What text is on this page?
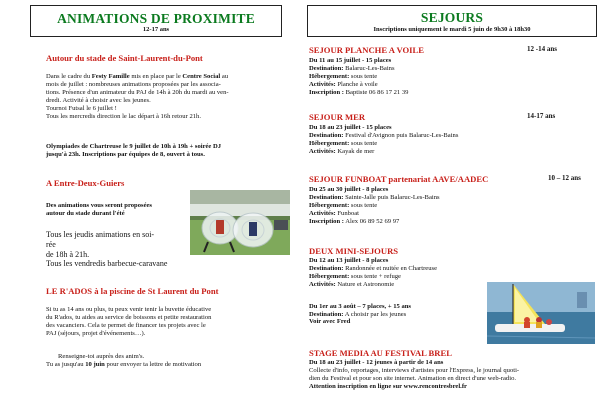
ANIMATIONS DE PROXIMITE
12-17 ans
Autour du stade de Saint-Laurent-du-Pont
Dans le cadre du Festy Famille mis en place par le Centre Social au
mois de juillet : nombreuses animations proposées par les associa-
tions. Présence d'un animateur du PAJ de 14h à 20h du mardi au ven-
dredi. Activité à choisir avec les jeunes.
Tournoi Futsal le 6 juillet !
Tous les mercredis direction le lac départ à 16h retour 21h.
Olympiades de Chartreuse le 9 juillet de 10h à 19h + soirée DJ
jusqu'à 23h. Inscriptions par équipes de 8, ouvert à tous.
A Entre-Deux-Guiers
Des animations vous seront proposées
autour du stade durant l'été
Tous les jeudis animations en soi-
rée
de 18h à 21h.
Tous les vendredis barbecue-caravane
LE R'ADOS à la piscine de St Laurent du Pont
Si tu as 14 ans ou plus, tu peux venir tenir la buvette éducative
du R'ados, tu aides au service de boissons et petite restauration
des vacanciers. Cela te permet de financer tes projets avec le
PAJ (séjours, projet d'événements…).
Renseigne-toi auprès des anim's.
Tu as jusqu'au 10 juin pour envoyer ta lettre de motivation
SEJOURS
Inscriptions uniquement le mardi 5 juin de 9h30 à 18h30
SEJOUR PLANCHE A VOILE	12 -14 ans
Du 11 au 15 juillet - 15 places
Destination: Balaruc-Les-Bains
Hébergement: sous tente
Activités: Planche à voile
Inscription : Baptiste 06 86 17 21 39
SEJOUR MER	14-17 ans
Du 18 au 23 juillet - 15 places
Destination: Festival d'Avignon puis Balaruc-Les-Bains
Hébergement: sous tente
Activités: Kayak de mer
SEJOUR FUNBOAT partenariat AAVE/AADEC	10 – 12 ans
Du 25 au 30 juillet - 8 places
Destination: Sainte-Jalle puis Balaruc-Les-Bains
Hébergement: sous tente
Activités: Funboat
Inscription : Alex 06 89 52 69 97
DEUX MINI-SEJOURS
Du 12 au 13 juillet - 8 places
Destination: Randonnée et nuitée en Chartreuse
Hébergement: sous tente + refuge
Activités: Nature et Astronomie
Du 1er au 3 août – 7 places, + 15 ans
Destination: A choisir par les jeunes
Voir avec Fred
STAGE MEDIA AU FESTIVAL BREL
Du 18 au 23 juillet - 12 jeunes à partir de 14 ans
Collecte d'info, reportages, interviews d'artistes pour l'Express, le journal quoti-
dien du Festival et pour son site internet. Animation en direct d'une web-radio.
Attention inscription en ligne sur www.rencontresbrel.fr
